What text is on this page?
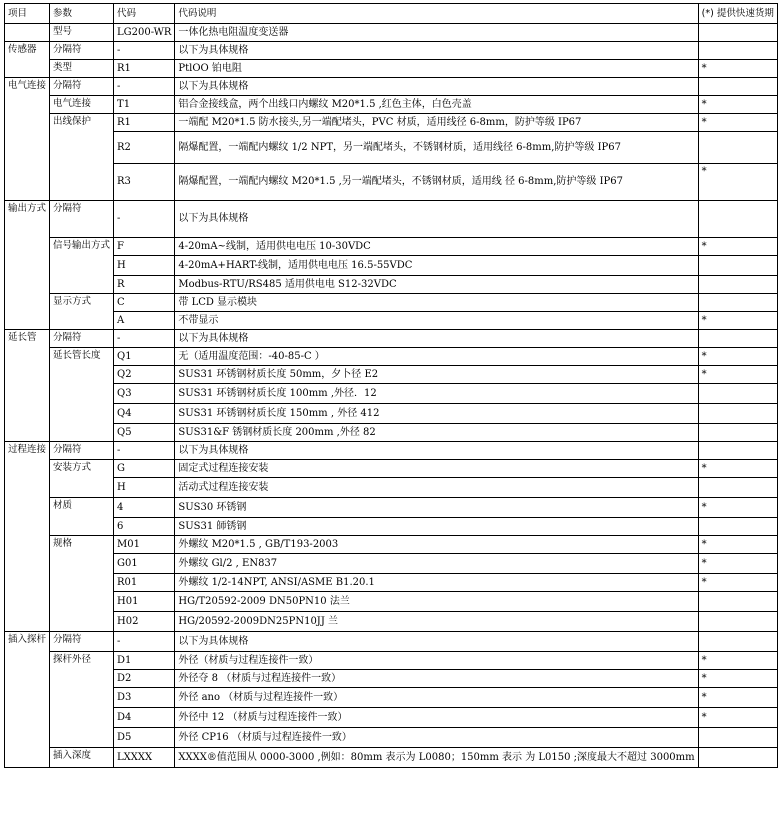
项目	参数	代码	代码说明	(*) 提供快速货期
	型号	LG200-WR	一体化热电阻温度变送器	
传感器	分隔符	-	以下为具体规格	
	类型	R1	PtlOO 铂电阻	*
电气连接	分隔符	-	以下为具体规格	
	电气连接	T1	铝合金接线盒，两个出线口内螺纹 M20*1.5 ,红色主体，白色壳盖	*
	出线保护	R1	一端配 M20*1.5 防水接头,另一端配堵头，PVC 材质，适用线径 6-8mm，防护等级 IP67	*
		R2	隔爆配置，一端配内螺纹 1/2 NPT，另一端配堵头，不锈钢材质，适用线径 6-8mm,防护等级 IP67	
		R3	隔爆配置，一端配内螺纹 M20*1.5 ,另一端配堵头，不锈钢材质，适用线 径 6-8mm,防护等级 IP67	*
输出方式	分隔符	-	以下为具体规格	
	信号输出方式	F	4-20mA~线制，适用供电电压 10-30VDC	*
		H	4-20mA+HART-线制，适用供电电压 16.5-55VDC	
		R	Modbus-RTU/RS485 适用供电电 S12-32VDC	
	显示方式	C	带 LCD 显示模块	
		A	不带显示	*
延长管	分隔符	-	以下为具体规格	
	延长管长度	Q1	无（适用温度范围：-40-85-C ）	*
		Q2	SUS31 环锈钢材质长度 50mm，夕卜径 E2	*
		Q3	SUS31 环锈钢材质长度 100mm ,外径．12	
		Q4	SUS31 环锈钢材质长度 150mm , 外径 412	
		Q5	SUS31&F 锈钢材质长度 200mm ,外径 82	
过程连接	分隔符	-	以下为具体规格	
	安装方式	G	固定式过程连接安装	*
		H	活动式过程连接安装	
	材质	4	SUS30 环锈钢	*
		6	SUS31 師锈钢	
	规格	M01	外螺纹 M20*1.5 , GB/T193-2003	*
		G01	外螺纹 Gl/2 , EN837	*
		R01	外螺纹 1/2-14NPT, ANSI/ASME B1.20.1	*
		H01	HG/T20592-2009 DN50PN10 法兰	
		H02	HG/20592-2009DN25PN10JJ 兰	
插入探杆	分隔符	-	以下为具体规格	
	探杆外径	D1	外径（材质与过程连接件一致）	*
		D2	外径夺 8 （材质与过程连接件一致）	*
		D3	外径 ano （材质与过程连接件一致）	*
		D4	外径中 12 （材质与过程连接件一致）	*
		D5	外径 CP16 （材质与过程连接件一致）	
	插入深度	LXXXX	XXXX®值范围从 0000-3000 ,例如：80mm 表示为 L0080；150mm 表示 为 L0150 ;深度最大不超过 3000mm	
